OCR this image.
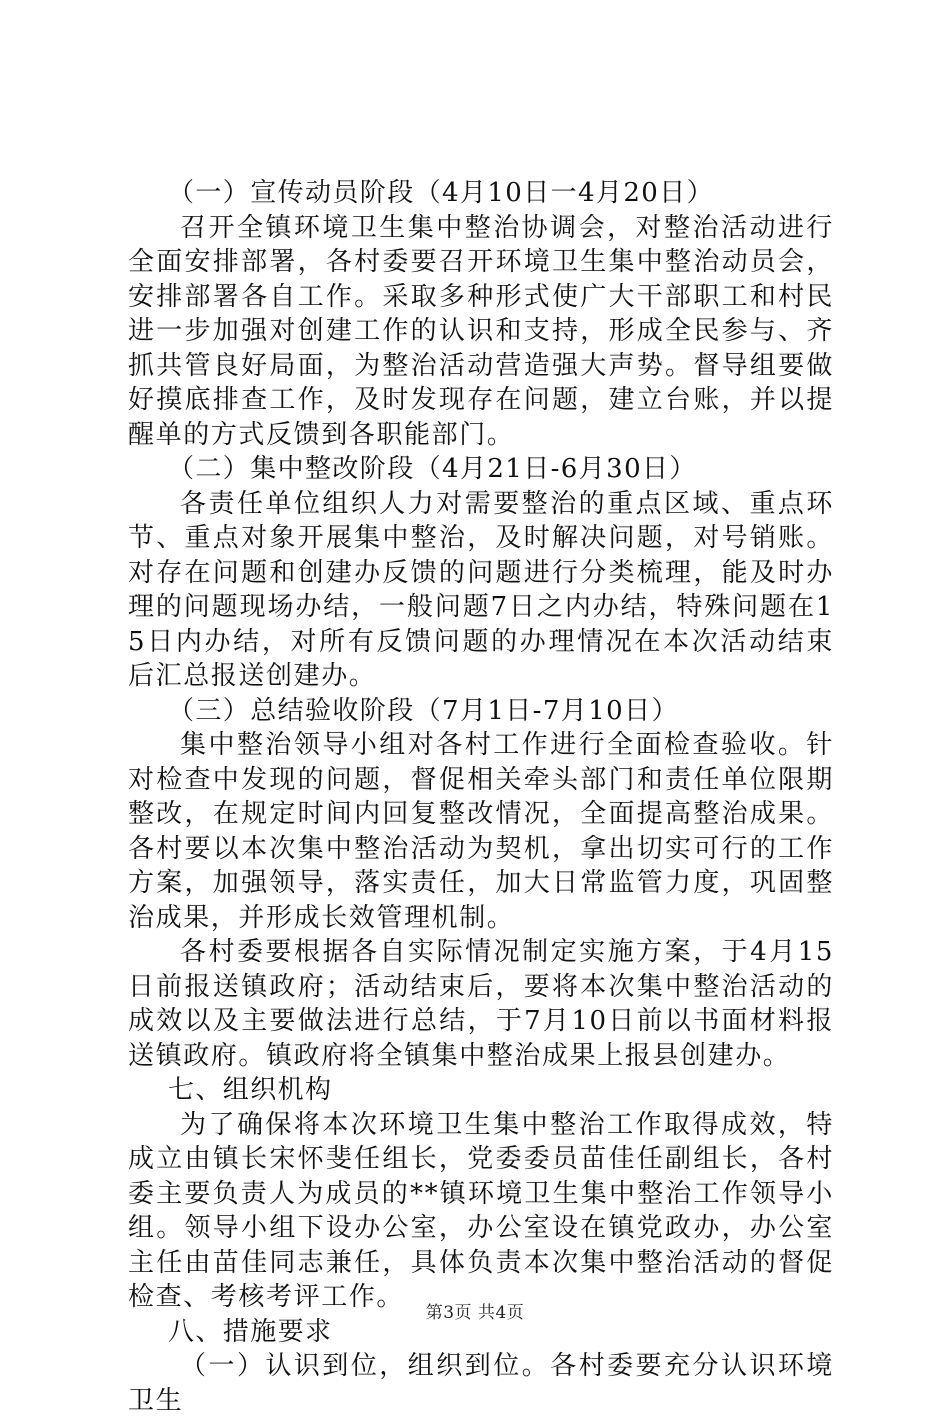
（一）宣传动员阶段（4月10日一4月20日）

召开全镇环境卫生集中整治协调会，对整治活动进行全面安排部署，各村委要召开环境卫生集中整治动员会，安排部署各自工作。采取多种形式使广大干部职工和村民进一步加强对创建工作的认识和支持，形成全民参与、齐抓共管良好局面，为整治活动营造强大声势。督导组要做好摸底排查工作，及时发现存在问题，建立台账，并以提醒单的方式反馈到各职能部门。

（二）集中整改阶段（4月21日-6月30日）

各责任单位组织人力对需要整治的重点区域、重点环节、重点对象开展集中整治，及时解决问题，对号销账。对存在问题和创建办反馈的问题进行分类梳理，能及时办理的问题现场办结，一般问题7日之内办结，特殊问题在15日内办结，对所有反馈问题的办理情况在本次活动结束后汇总报送创建办。

（三）总结验收阶段（7月1日-7月10日）

集中整治领导小组对各村工作进行全面检查验收。针对检查中发现的问题，督促相关牵头部门和责任单位限期整改，在规定时间内回复整改情况，全面提高整治成果。各村要以本次集中整治活动为契机，拿出切实可行的工作方案，加强领导，落实责任，加大日常监管力度，巩固整治成果，并形成长效管理机制。

各村委要根据各自实际情况制定实施方案，于4月15日前报送镇政府；活动结束后，要将本次集中整治活动的成效以及主要做法进行总结，于7月10日前以书面材料报送镇政府。镇政府将全镇集中整治成果上报县创建办。

七、组织机构

为了确保将本次环境卫生集中整治工作取得成效，特成立由镇长宋怀斐任组长，党委委员苗佳任副组长，各村委主要负责人为成员的**镇环境卫生集中整治工作领导小组。领导小组下设办公室，办公室设在镇党政办，办公室主任由苗佳同志兼任，具体负责本次集中整治活动的督促检查、考核考评工作。

八、措施要求

（一）认识到位，组织到位。各村委要充分认识环境卫生

第3页 共4页
